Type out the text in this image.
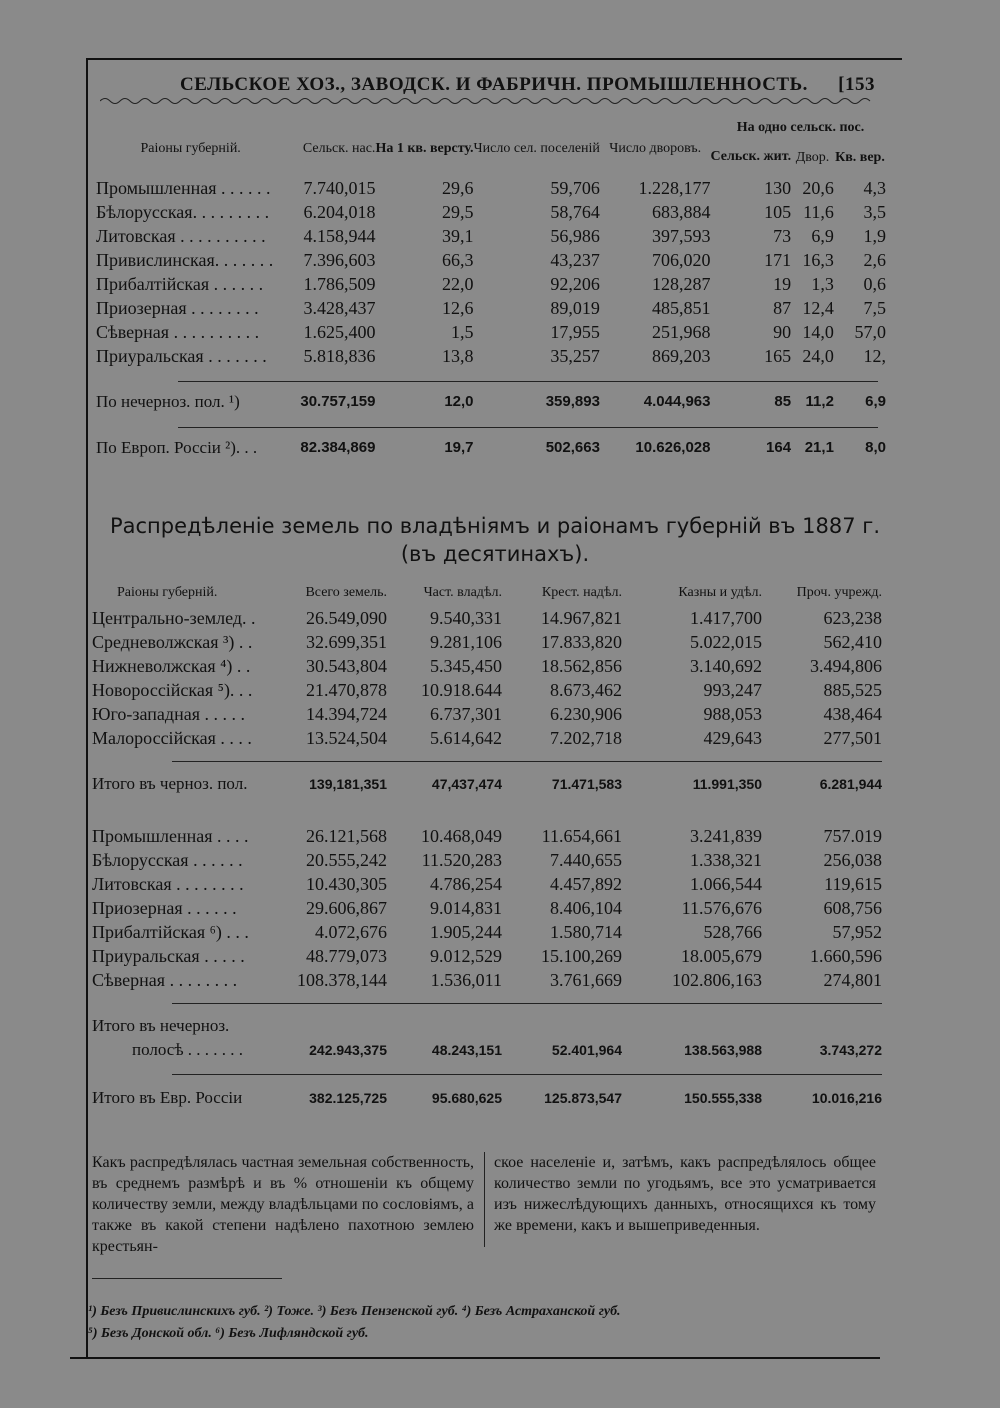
СЕЛЬСКОЕ ХОЗ., ЗАВОДСК. И ФАБРИЧН. ПРОМЫШЛЕННОСТЬ. [153
Раіоны губерній.	Сельск. нас.	На 1 кв. версту.	Число сел. поселеній	Число дворовъ.	На одно сельск. пос.
Сельск. жит.	Двор.	Кв. вер.
Промышленная . . . . . .	7.740,015	29,6	59,706	1.228,177	130	20,6	4,3
Бѣлорусская. . . . . . . . .	6.204,018	29,5	58,764	683,884	105	11,6	3,5
Литовская . . . . . . . . . .	4.158,944	39,1	56,986	397,593	73	6,9	1,9
Привислинская. . . . . . .	7.396,603	66,3	43,237	706,020	171	16,3	2,6
Прибалтійская . . . . . .	1.786,509	22,0	92,206	128,287	19	1,3	0,6
Приозерная . . . . . . . .	3.428,437	12,6	89,019	485,851	87	12,4	7,5
Сѣверная . . . . . . . . . .	1.625,400	1,5	17,955	251,968	90	14,0	57,0
Приуральская . . . . . . .	5.818,836	13,8	35,257	869,203	165	24,0	12,

По нечерноз. пол. ¹)	30.757,159	12,0	359,893	4.044,963	85	11,2	6,9

По Европ. Россіи ²). . .	82.384,869	19,7	502,663	10.626,028	164	21,1	8,0
Распредѣленіе земель по владѣніямъ и раіонамъ губерній въ 1887 г.
(въ десятинахъ).
Раіоны губерній.	Всего земель.	Част. владѣл.	Крест. надѣл.	Казны и удѣл.	Проч. учрежд.
Центрально-землед. .	26.549,090	9.540,331	14.967,821	1.417,700	623,238
Средневолжская ³) . .	32.699,351	9.281,106	17.833,820	5.022,015	562,410
Нижневолжская ⁴) . .	30.543,804	5.345,450	18.562,856	3.140,692	3.494,806
Новороссійская ⁵). . .	21.470,878	10.918.644	8.673,462	993,247	885,525
Юго-западная . . . . .	14.394,724	6.737,301	6.230,906	988,053	438,464
Малороссійская . . . .	13.524,504	5.614,642	7.202,718	429,643	277,501

Итого въ черноз. пол.	139,181,351	47,437,474	71.471,583	11.991,350	6.281,944

Промышленная . . . .	26.121,568	10.468,049	11.654,661	3.241,839	757.019
Бѣлорусская . . . . . .	20.555,242	11.520,283	7.440,655	1.338,321	256,038
Литовская . . . . . . . .	10.430,305	4.786,254	4.457,892	1.066,544	119,615
Приозерная . . . . . .	29.606,867	9.014,831	8.406,104	11.576,676	608,756
Прибалтійская ⁶) . . .	4.072,676	1.905,244	1.580,714	528,766	57,952
Приуральская . . . . .	48.779,073	9.012,529	15.100,269	18.005,679	1.660,596
Сѣверная . . . . . . . .	108.378,144	1.536,011	3.761,669	102.806,163	274,801

Итого въ нечерноз.					
полосѣ . . . . . . .	242.943,375	48.243,151	52.401,964	138.563,988	3.743,272

Итого въ Евр. Россіи	382.125,725	95.680,625	125.873,547	150.555,338	10.016,216
Какъ распредѣлялась частная земельная собственность, въ среднемъ размѣрѣ и въ % отношеніи къ общему количеству земли, между владѣльцами по сословіямъ, а также въ какой степени надѣлено пахотною землею крестьян-
ское населеніе и, затѣмъ, какъ распредѣлялось общее количество земли по угодьямъ, все это усматривается изъ нижеслѣдующихъ данныхъ, относящихся къ тому же времени, какъ и вышеприведенныя.
¹) Безъ Привислинскихъ губ. ²) Тоже. ³) Безъ Пензенской губ. ⁴) Безъ Астраханской губ.
⁵) Безъ Донской обл. ⁶) Безъ Лифляндской губ.
